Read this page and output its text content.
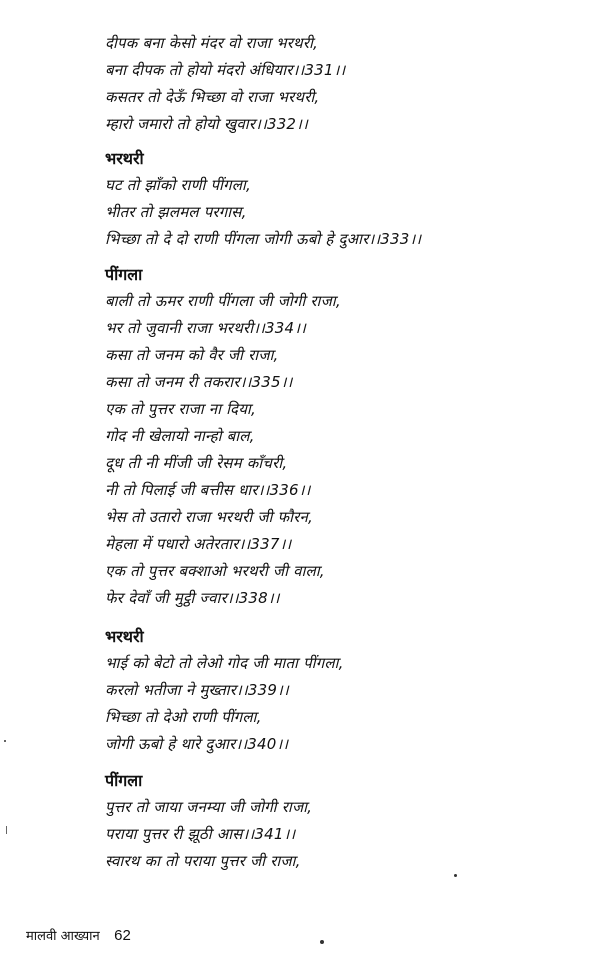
दीपक बना केसो मंदर वो राजा भरथरी,
बना दीपक तो होयो मंदरो अंधियार।।331।।
कसतर तो देऊँ भिच्छा वो राजा भरथरी,
म्हारो जमारो तो होयो खुवार।।332।।
भरथरी
घट तो झाँको राणी पींगला,
भीतर तो झलमल परगास,
भिच्छा तो दे दो राणी पींगला जोगी ऊबो हे दुआर।।333।।
पींगला
बाली तो ऊमर राणी पींगला जी जोगी राजा,
भर तो जुवानी राजा भरथरी।।334।।
कसा तो जनम को वैर जी राजा,
कसा तो जनम री तकरार।।335।।
एक तो पुत्तर राजा ना दिया,
गोद नी खेलायो नान्हो बाल,
दूध ती नी मींजी जी रेसम काँचरी,
नी तो पिलाई जी बत्तीस धार।।336।।
भेस तो उतारो राजा भरथरी जी फौरन,
मेहला में पधारो अतेरतार।।337।।
एक तो पुत्तर बक्शाओ भरथरी जी वाला,
फेर देवाँ जी मुट्ठी ज्वार।।338।।
भरथरी
भाई को बेटो तो लेओ गोद जी माता पींगला,
करलो भतीजा ने मुख्तार।।339।।
भिच्छा तो देओ राणी पींगला,
जोगी ऊबो हे थारे दुआर।।340।।
पींगला
पुत्तर तो जाया जनम्या जी जोगी राजा,
पराया पुत्तर री झूठी आस।।341।।
स्वारथ का तो पराया पुत्तर जी राजा,
मालवी आख्यान 62
